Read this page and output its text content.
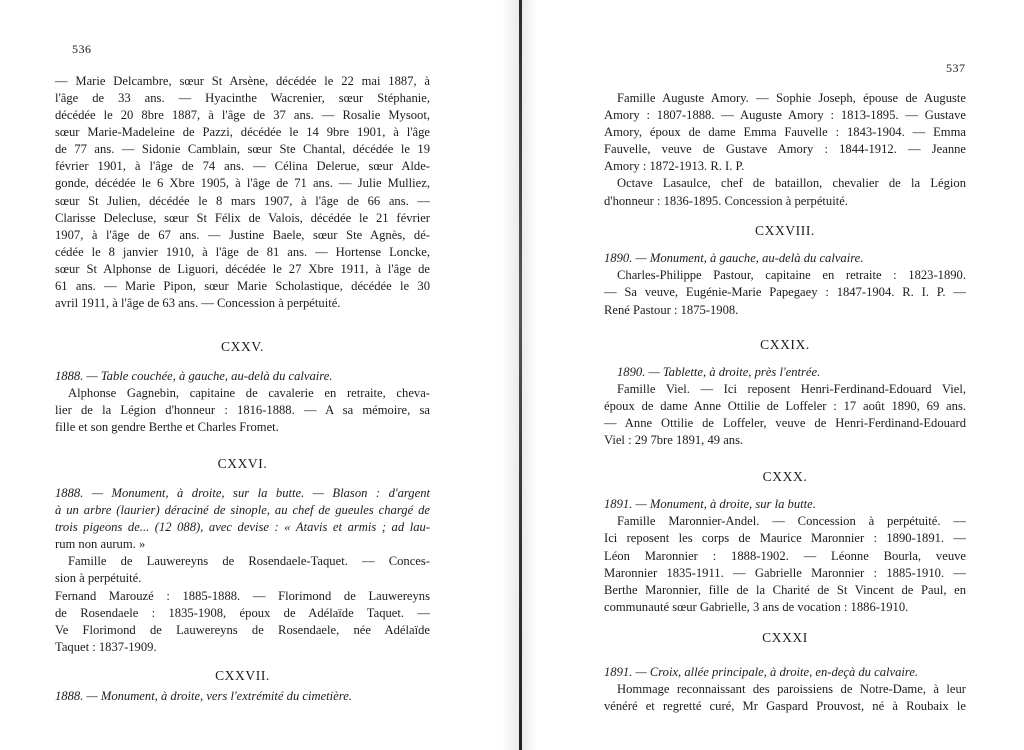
536
— Marie Delcambre, sœur St Arsène, décédée le 22 mai 1887, à
l'âge de 33 ans. — Hyacinthe Wacrenier, sœur Stéphanie,
décédée le 20 8bre 1887, à l'âge de 37 ans. — Rosalie Mysoot,
sœur Marie-Madeleine de Pazzi, décédée le 14 9bre 1901, à l'âge
de 77 ans. — Sidonie Camblain, sœur Ste Chantal, décédée le 19
février 1901, à l'âge de 74 ans. — Célina Delerue, sœur Alde-
gonde, décédée le 6 Xbre 1905, à l'âge de 71 ans. — Julie Mulliez,
sœur St Julien, décédée le 8 mars 1907, à l'âge de 66 ans. —
Clarisse Delecluse, sœur St Félix de Valois, décédée le 21 février
1907, à l'âge de 67 ans. — Justine Baele, sœur Ste Agnès, dé-
cédée le 8 janvier 1910, à l'âge de 81 ans. — Hortense Loncke,
sœur St Alphonse de Liguori, décédée le 27 Xbre 1911, à l'âge de
61 ans. — Marie Pipon, sœur Marie Scholastique, décédée le 30
avril 1911, à l'âge de 63 ans. — Concession à perpétuité.
CXXV.
1888. — Table couchée, à gauche, au-delà du calvaire.
Alphonse Gagnebin, capitaine de cavalerie en retraite, cheva-
lier de la Légion d'honneur : 1816-1888. — A sa mémoire, sa
fille et son gendre Berthe et Charles Fromet.
CXXVI.
1888. — Monument, à droite, sur la butte. — Blason : d'argent
à un arbre (laurier) déraciné de sinople, au chef de gueules chargé de
trois pigeons de... (12 088), avec devise : « Atavis et armis ; ad lau-
rum non aurum. »
Famille de Lauwereyns de Rosendaele-Taquet. — Conces-
sion à perpétuité.
Fernand Marouzé : 1885-1888. — Florimond de Lauwereyns
de Rosendaele : 1835-1908, époux de Adélaïde Taquet. —
Ve Florimond de Lauwereyns de Rosendaele, née Adélaïde
Taquet : 1837-1909.
CXXVII.
1888. — Monument, à droite, vers l'extrémité du cimetière.
537
Famille Auguste Amory. — Sophie Joseph, épouse de Auguste
Amory : 1807-1888. — Auguste Amory : 1813-1895. — Gustave
Amory, époux de dame Emma Fauvelle : 1843-1904. — Emma
Fauvelle, veuve de Gustave Amory : 1844-1912. — Jeanne
Amory : 1872-1913. R. I. P.
Octave Lasaulce, chef de bataillon, chevalier de la Légion
d'honneur : 1836-1895. Concession à perpétuité.
CXXVIII.
1890. — Monument, à gauche, au-delà du calvaire.
Charles-Philippe Pastour, capitaine en retraite : 1823-1890.
— Sa veuve, Eugénie-Marie Papegaey : 1847-1904. R. I. P. —
René Pastour : 1875-1908.
CXXIX.
1890. — Tablette, à droite, près l'entrée.
Famille Viel. — Ici reposent Henri-Ferdinand-Edouard Viel,
époux de dame Anne Ottilie de Loffeler : 17 août 1890, 69 ans.
— Anne Ottilie de Loffeler, veuve de Henri-Ferdinand-Edouard
Viel : 29 7bre 1891, 49 ans.
CXXX.
1891. — Monument, à droite, sur la butte.
Famille Maronnier-Andel. — Concession à perpétuité. —
Ici reposent les corps de Maurice Maronnier : 1890-1891. —
Léon Maronnier : 1888-1902. — Léonne Bourla, veuve
Maronnier 1835-1911. — Gabrielle Maronnier : 1885-1910. —
Berthe Maronnier, fille de la Charité de St Vincent de Paul, en
communauté sœur Gabrielle, 3 ans de vocation : 1886-1910.
CXXXI
1891. — Croix, allée principale, à droite, en-deçà du calvaire.
Hommage reconnaissant des paroissiens de Notre-Dame, à leur
vénéré et regretté curé, Mr Gaspard Prouvost, né à Roubaix le
